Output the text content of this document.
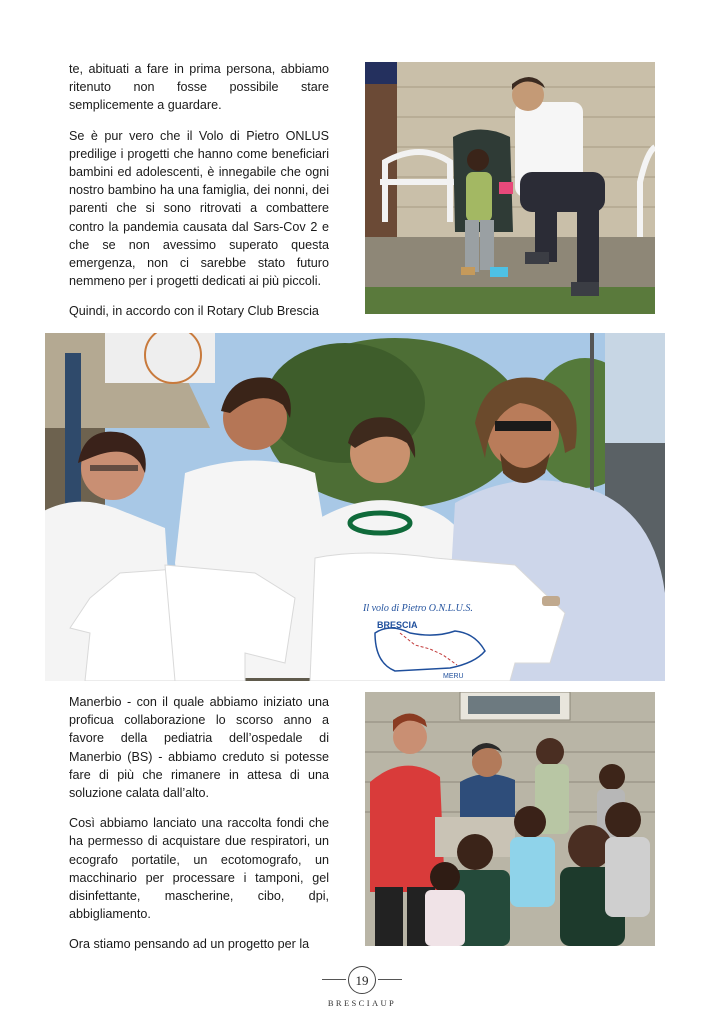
te, abituati a fare in prima persona, abbiamo ritenuto non fosse possibile stare semplicemente a guardare.

Se è pur vero che il Volo di Pietro ONLUS predilige i progetti che hanno come beneficiari bambini ed adolescenti, è innegabile che ogni nostro bambino ha una famiglia, dei nonni, dei parenti che si sono ritrovati a combattere contro la pandemia causata dal Sars-Cov 2 e che se non avessimo superato questa emergenza, non ci sarebbe stato futuro nemmeno per i progetti dedicati ai più piccoli.

Quindi, in accordo con il Rotary Club Brescia

Il volo di Pietro O.N.L.U.S.
BRESCIA
MERU

Manerbio - con il quale abbiamo iniziato una proficua collaborazione lo scorso anno a favore della pediatria dell’ospedale di Manerbio (BS) - abbiamo creduto si potesse fare di più che rimanere in attesa di una soluzione calata dall’alto.

Così abbiamo lanciato una raccolta fondi che ha permesso di acquistare due respiratori, un ecografo portatile, un ecotomografo, un macchinario per processare i tamponi, gel disinfettante, mascherine, cibo, dpi, abbigliamento.

Ora stiamo pensando ad un progetto per la

19
BRESCIAUP
